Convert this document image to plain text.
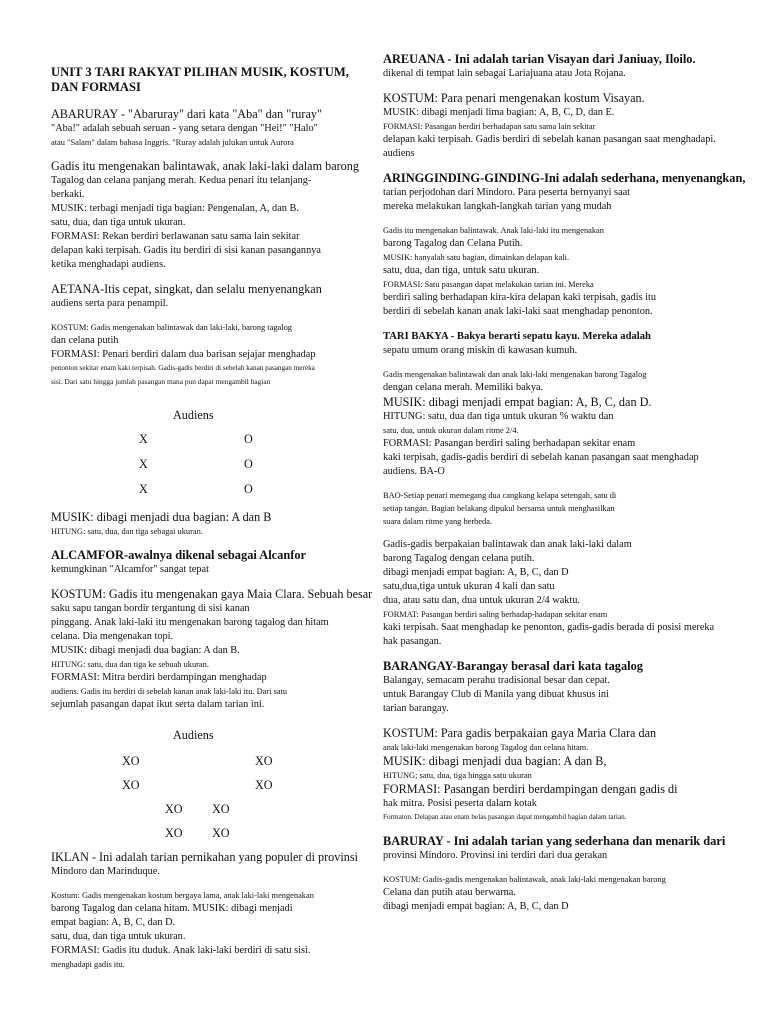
UNIT 3 TARI RAKYAT PILIHAN MUSIK, KOSTUM, DAN FORMASI

ABARURAY - "Abaruray" dari kata "Aba" dan "ruray"

"Aba!" adalah sebuah seruan - yang setara dengan "Hei!" "Halo"

atau "Salam" dalam bahasa Inggris. "Ruray adalah julukan untuk Aurora

Gadis itu mengenakan balintawak, anak laki-laki dalam barong

Tagalog dan celana panjang merah. Kedua penari itu telanjang-

berkaki.

MUSIK: terbagi menjadi tiga bagian: Pengenalan, A, dan B.

satu, dua, dan tiga untuk ukuran.

FORMASI: Rekan berdiri berlawanan satu sama lain sekitar

delapan kaki terpisah. Gadis itu berdiri di sisi kanan pasangannya

ketika menghadapi audiens.

AETANA-Itis cepat, singkat, dan selalu menyenangkan

audiens serta para penampil.

KOSTUM: Gadis mengenakan balintawak dan laki-laki, barong tagalog

dan celana putih

FORMASI: Penari berdiri dalam dua barisan sejajar menghadap

penonton sekitar enam kaki terpisah. Gadis-gadis berdiri di sebelah kanan pasangan mereka

sisi. Dari satu hingga jumlah pasangan mana pun dapat mengambil bagian

Audiens
X	O
X	O
X	O

MUSIK: dibagi menjadi dua bagian: A dan B

HITUNG: satu, dua, dan tiga sebagai ukuran.

ALCAMFOR-awalnya dikenal sebagai Alcanfor

kemungkinan "Alcamfor" sangat tepat

KOSTUM: Gadis itu mengenakan gaya Maia Clara. Sebuah besar

saku sapu tangan bordir tergantung di sisi kanan

pinggang. Anak laki-laki itu mengenakan barong tagalog dan hitam

celana. Dia mengenakan topi.

MUSIK: dibagi menjadi dua bagian: A dan B.

HITUNG: satu, dua dan tiga ke sebuah ukuran.

FORMASI: Mitra berdiri berdampingan menghadap

audiens. Gadis itu berdiri di sebelah kanan anak laki-laki itu. Dari satu

sejumlah pasangan dapat ikut serta dalam tarian ini.

Audiens
XO	XO
XO	XO
XO XO
XO XO

IKLAN - Ini adalah tarian pernikahan yang populer di provinsi

Mindoro dan Marinduque.

Kostum: Gadis mengenakan kostum bergaya lama, anak laki-laki mengenakan

barong Tagalog dan celana hitam. MUSIK: dibagi menjadi

empat bagian: A, B, C, dan D.

satu, dua, dan tiga untuk ukuran.

FORMASI: Gadis itu duduk. Anak laki-laki berdiri di satu sisi.

menghadapi gadis itu.

AREUANA - Ini adalah tarian Visayan dari Janiuay, Iloilo.

dikenal di tempat lain sebagai Lariajuana atau Jota Rojana.

KOSTUM: Para penari mengenakan kostum Visayan.

MUSIK: dibagi menjadi lima bagian: A, B, C, D, dan E.

FORMASI: Pasangan berdiri berhadapan satu sama lain sekitar

delapan kaki terpisah. Gadis berdiri di sebelah kanan pasangan saat menghadapi.

audiens

ARINGGINDING-GINDING-Ini adalah sederhana, menyenangkan,

tarian perjodohan dari Mindoro. Para peserta bernyanyi saat

mereka melakukan langkah-langkah tarian yang mudah

Gadis itu mengenakan balintawak. Anak laki-laki itu mengenakan

barong Tagalog dan Celana Putih.

MUSIK: hanyalah satu bagian, dimainkan delapan kali.

satu, dua, dan tiga, untuk satu ukuran.

FORMASI: Satu pasangan dapat melakukan tarian ini. Mereka

berdiri saling berhadapan kira-kira delapan kaki terpisah, gadis itu

berdiri di sebelah kanan anak laki-laki saat menghadap penonton.

TARI BAKYA - Bakya berarti sepatu kayu. Mereka adalah

sepatu umum orang miskin di kawasan kumuh.

Gadis mengenakan balintawak dan anak laki-laki mengenakan barong Tagalog

dengan celana merah. Memiliki bakya.

MUSIK: dibagi menjadi empat bagian: A, B, C, dan D.

HITUNG: satu, dua dan tiga untuk ukuran % waktu dan

satu, dua, untuk ukuran dalam ritme 2/4.

FORMASI: Pasangan berdiri saling berhadapan sekitar enam

kaki terpisah, gadis-gadis berdiri di sebelah kanan pasangan saat menghadap

audiens. BA-O

BAO-Setiap penari memegang dua cangkang kelapa setengah, satu di

setiap tangan. Bagian belakang dipukul bersama untuk menghasilkan

suara dalam ritme yang berbeda.

Gadis-gadis berpakaian balintawak dan anak laki-laki dalam

barong Tagalog dengan celana putih.

dibagi menjadi empat bagian: A, B, C, dan D

satu,dua,tiga untuk ukuran 4 kali dan satu

dua, atau satu dan, dua untuk ukuran 2/4 waktu.

FORMAT: Pasangan berdiri saling berhadap-hadapan sekitar enam

kaki terpisah. Saat menghadap ke penonton, gadis-gadis berada di posisi mereka

hak pasangan.

BARANGAY-Barangay berasal dari kata tagalog

Balangay, semacam perahu tradisional besar dan cepat.

untuk Barangay Club di Manila yang dibuat khusus ini

tarian barangay.

KOSTUM: Para gadis berpakaian gaya Maria Clara dan

anak laki-laki mengenakan barong Tagalog dan celana hitam.

MUSIK: dibagi menjadi dua bagian: A dan B,

HITUNG; satu, dua, tiga hingga satu ukuran

FORMASI: Pasangan berdiri berdampingan dengan gadis di

hak mitra. Posisi peserta dalam kotak

Formaton. Delapan atau enam belas pasangan dapat mengambil bagian dalam tarian.

BARURAY - Ini adalah tarian yang sederhana dan menarik dari

provinsi Mindoro. Provinsi ini terdiri dari dua gerakan

KOSTUM: Gadis-gadis mengenakan balintawak, anak laki-laki mengenakan barong

Celana dan putih atau berwarna.

dibagi menjadi empat bagian: A, B, C, dan D
